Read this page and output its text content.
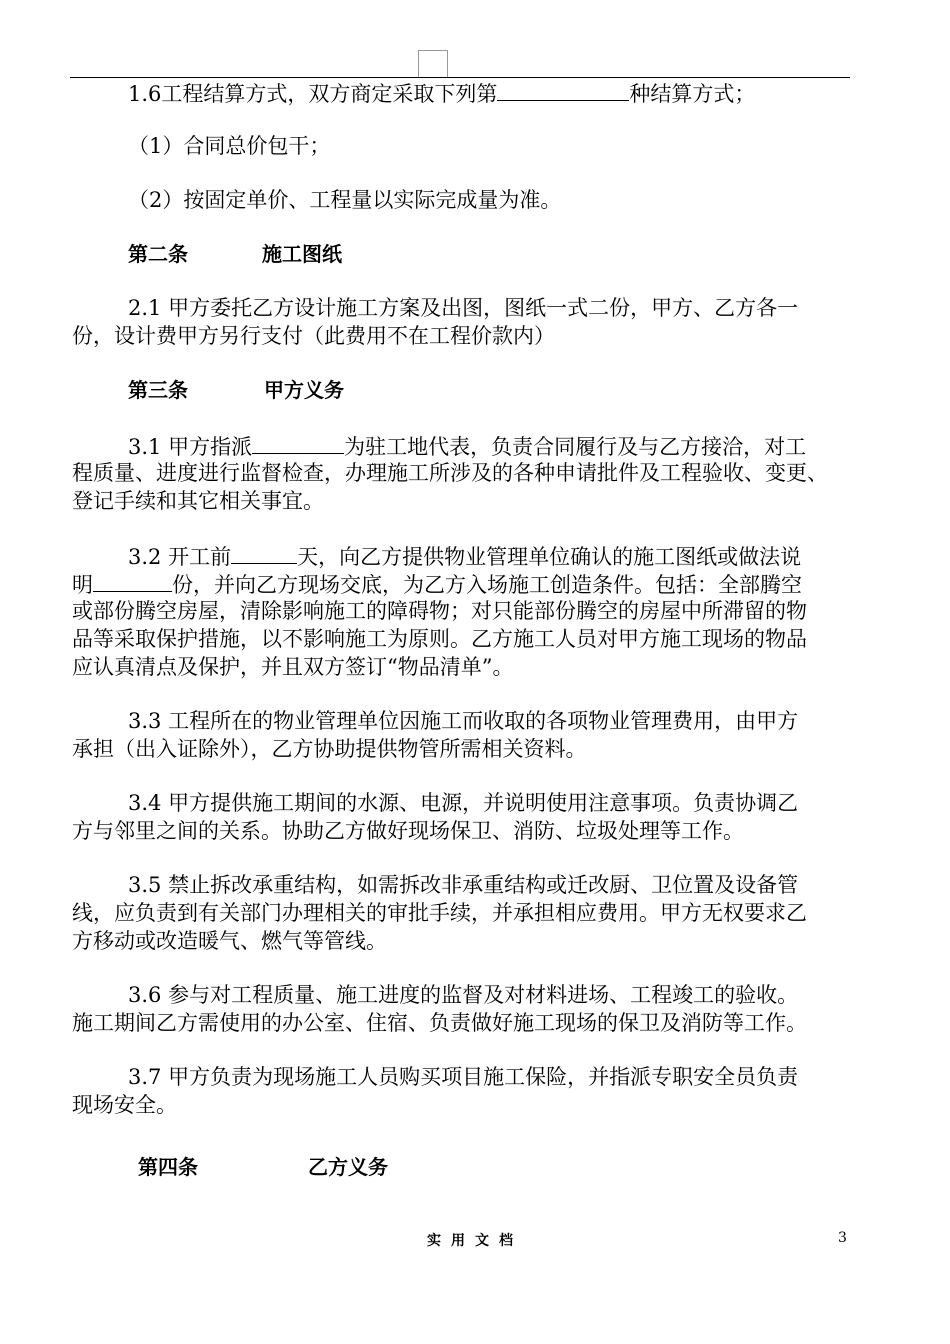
1.6工程结算方式，双方商定采取下列第	种结算方式；
（1）合同总价包干；
（2）按固定单价、工程量以实际完成量为准。
第二条	施工图纸
2.1 甲方委托乙方设计施工方案及出图，图纸一式二份，甲方、乙方各一
份，设计费甲方另行支付（此费用不在工程价款内）
第三条	甲方义务
3.1 甲方指派	为驻工地代表，负责合同履行及与乙方接洽，对工
程质量、进度进行监督检查，办理施工所涉及的各种申请批件及工程验收、变更、
登记手续和其它相关事宜。
3.2 开工前	天，向乙方提供物业管理单位确认的施工图纸或做法说
明	份，并向乙方现场交底，为乙方入场施工创造条件。包括：全部腾空
或部份腾空房屋，清除影响施工的障碍物；对只能部份腾空的房屋中所滞留的物
品等采取保护措施，以不影响施工为原则。乙方施工人员对甲方施工现场的物品
应认真清点及保护，并且双方签订“物品清单”。
3.3 工程所在的物业管理单位因施工而收取的各项物业管理费用，由甲方
承担（出入证除外），乙方协助提供物管所需相关资料。
3.4 甲方提供施工期间的水源、电源，并说明使用注意事项。负责协调乙
方与邻里之间的关系。协助乙方做好现场保卫、消防、垃圾处理等工作。
3.5 禁止拆改承重结构，如需拆改非承重结构或迁改厨、卫位置及设备管
线，应负责到有关部门办理相关的审批手续，并承担相应费用。甲方无权要求乙
方移动或改造暖气、燃气等管线。
3.6 参与对工程质量、施工进度的监督及对材料进场、工程竣工的验收。
施工期间乙方需使用的办公室、住宿、负责做好施工现场的保卫及消防等工作。
3.7 甲方负责为现场施工人员购买项目施工保险，并指派专职安全员负责
现场安全。
第四条	乙方义务
实用文档	3
